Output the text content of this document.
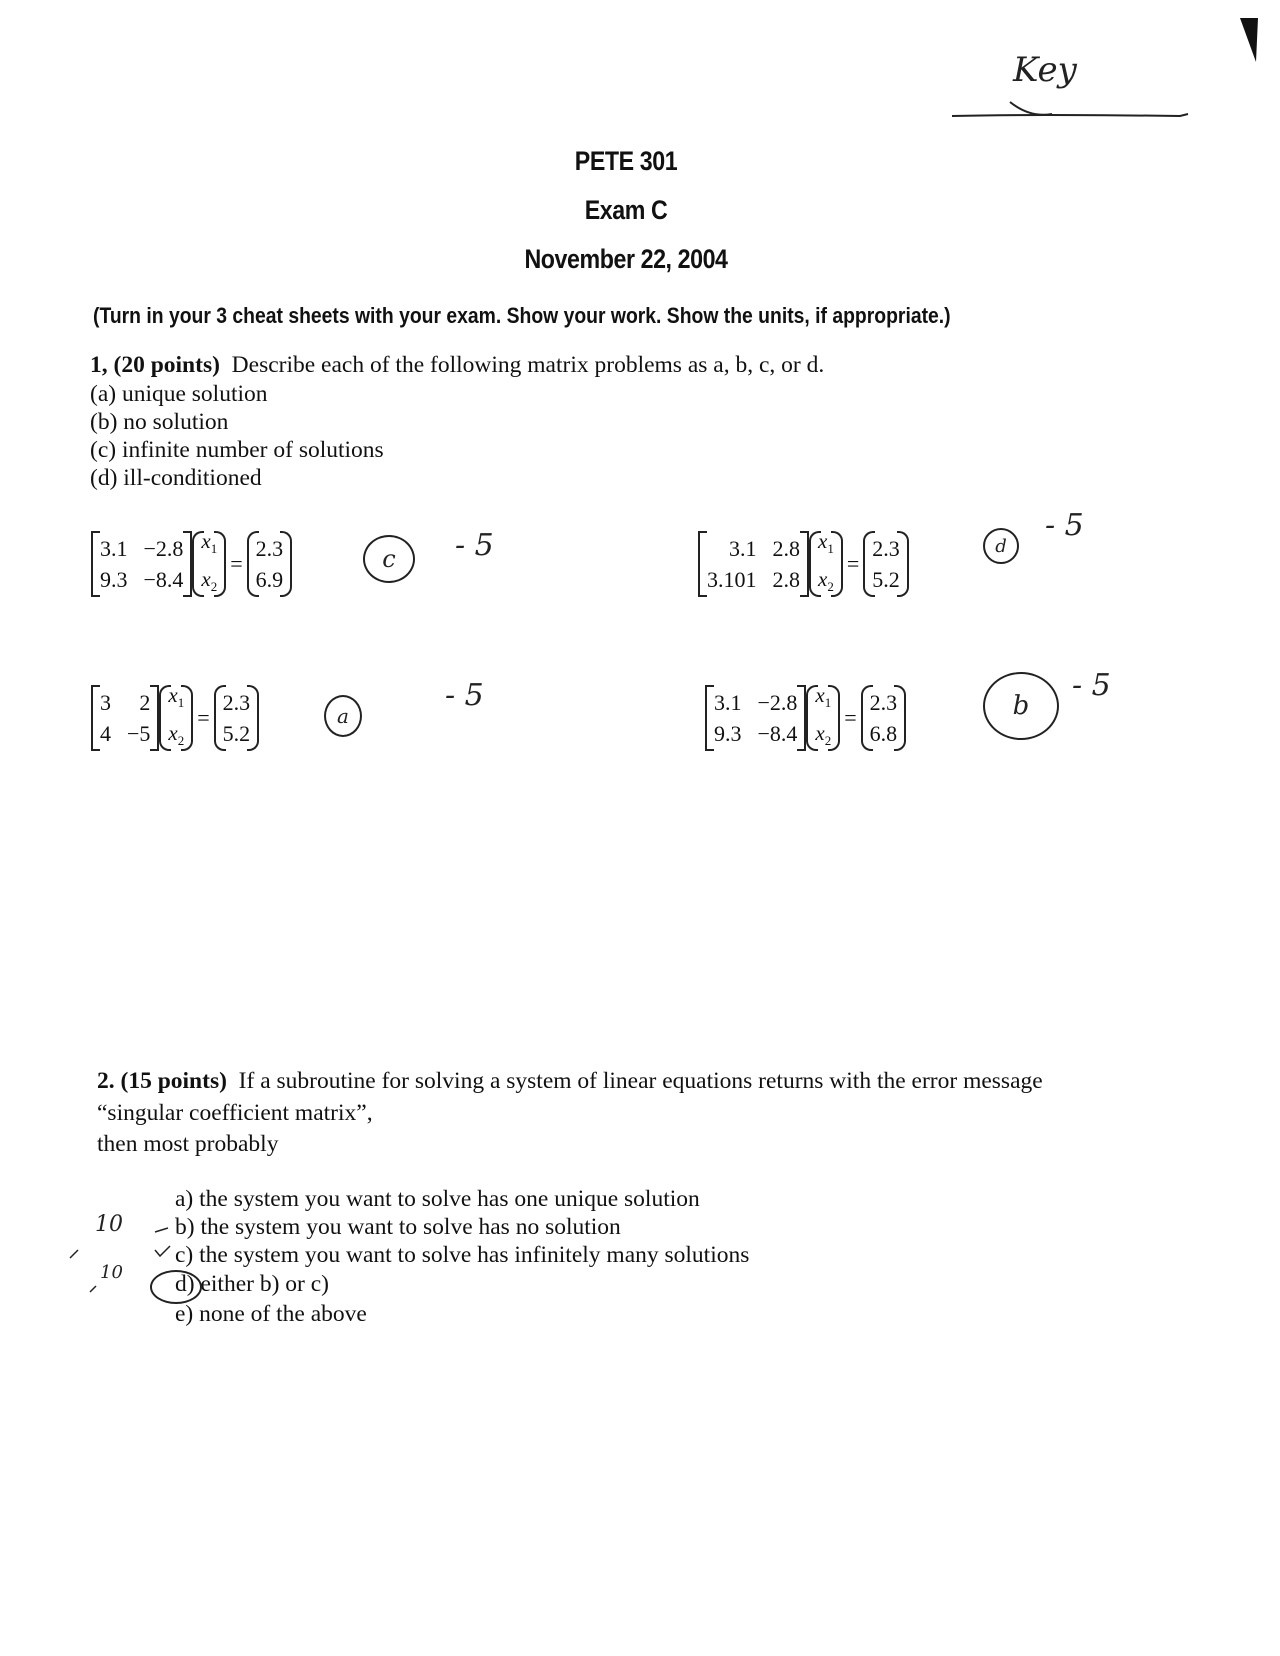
PETE 301
Exam C
November 22, 2004
(Turn in your 3 cheat sheets with your exam. Show your work. Show the units, if appropriate.)
Key
1, (20 points) Describe each of the following matrix problems as a, b, c, or d.
(a) unique solution
(b) no solution
(c) infinite number of solutions
(d) ill-conditioned
3.1 −2.8
9.3 −8.4
$x_1$
$x_2$
=
2.3
6.9
c	- 5	3.1 2.8
3.101 2.8
$x_1$
$x_2$
=
2.3
5.2
d
- 5
3	2
4 −5
$x_1$
$x_2$
=
2.3
5.2
a
- 5	3.1 −2.8
9.3 −8.4
$x_1$
$x_2$
=
2.3
6.8
b
- 5
2. (15 points) If a subroutine for solving a system of linear equations returns with the error message
“singular coefficient matrix”,
then most probably
a) the system you want to solve has one unique solution
b) the system you want to solve has no solution
c) the system you want to solve has infinitely many solutions
d) either b) or c)
e) none of the above
10
10
